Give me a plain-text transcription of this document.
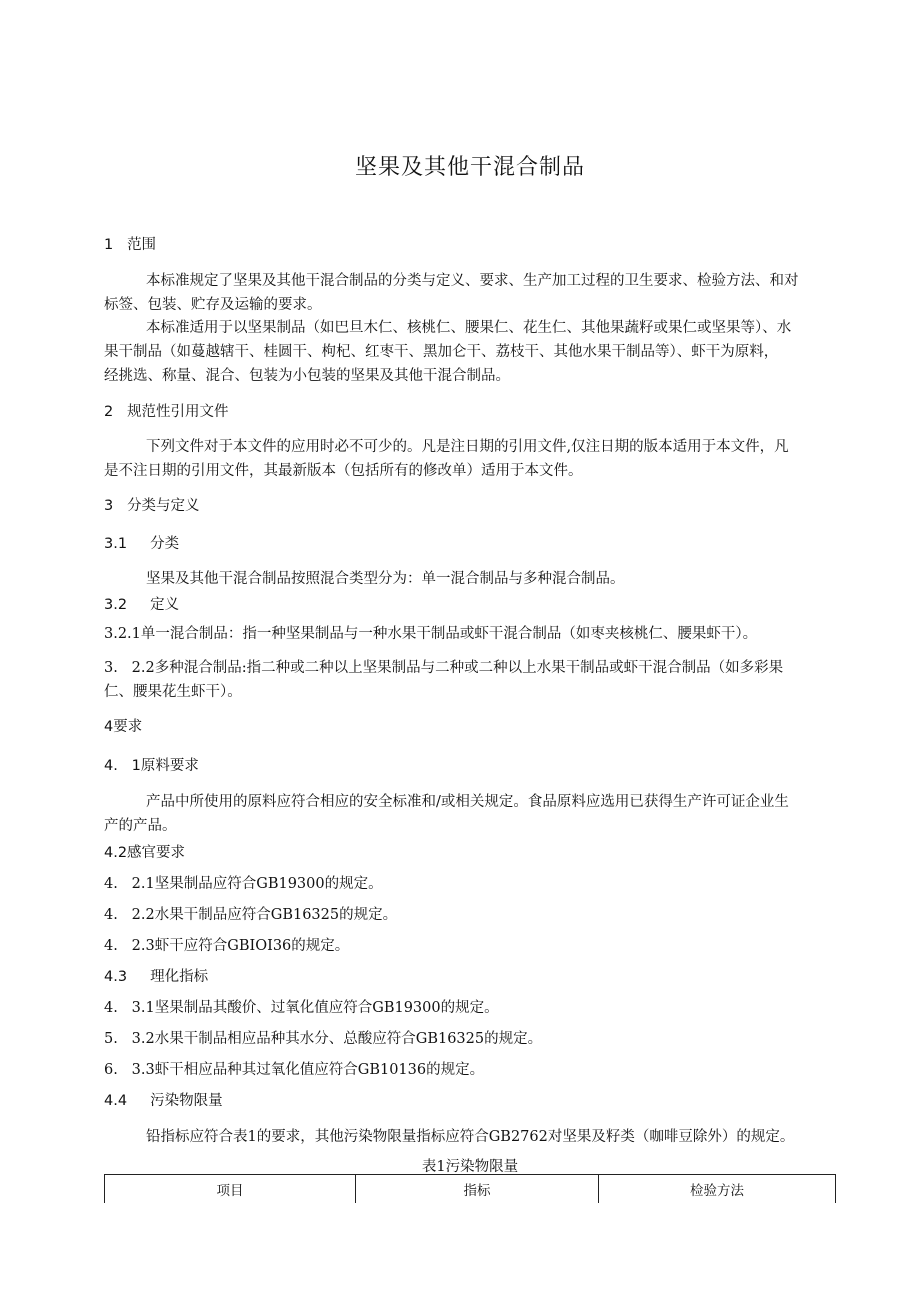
坚果及其他干混合制品
1 范围
本标准规定了坚果及其他干混合制品的分类与定义、要求、生产加工过程的卫生要求、检验方法、和对
标签、包装、贮存及运输的要求。
本标准适用于以坚果制品（如巴旦木仁、核桃仁、腰果仁、花生仁、其他果蔬籽或果仁或坚果等）、水
果干制品（如蔓越辖干、桂圆干、枸杞、红枣干、黑加仑干、荔枝干、其他水果干制品等）、虾干为原料，
经挑选、称量、混合、包装为小包装的坚果及其他干混合制品。
2 规范性引用文件
下列文件对于本文件的应用时必不可少的。凡是注日期的引用文件,仅注日期的版本适用于本文件，凡
是不注日期的引用文件，其最新版本（包括所有的修改单）适用于本文件。
3 分类与定义
3.1 分类
坚果及其他干混合制品按照混合类型分为：单一混合制品与多种混合制品。
3.2 定义
3.2.1单一混合制品：指一种坚果制品与一种水果干制品或虾干混合制品（如枣夹核桃仁、腰果虾干）。
3. 2.2多种混合制品:指二种或二种以上坚果制品与二种或二种以上水果干制品或虾干混合制品（如多彩果
仁、腰果花生虾干）。
4要求
4. 1原料要求
产品中所使用的原料应符合相应的安全标准和/或相关规定。食品原料应选用已获得生产许可证企业生
产的产品。
4.2感官要求
4. 2.1坚果制品应符合GB19300的规定。
4. 2.2水果干制品应符合GB16325的规定。
4. 2.3虾干应符合GBIOI36的规定。
4.3 理化指标
4. 3.1坚果制品其酸价、过氧化值应符合GB19300的规定。
5. 3.2水果干制品相应品种其水分、总酸应符合GB16325的规定。
6. 3.3虾干相应品种其过氧化值应符合GB10136的规定。
4.4 污染物限量
铅指标应符合表1的要求，其他污染物限量指标应符合GB2762对坚果及籽类（咖啡豆除外）的规定。
表1污染物限量
项目	指标	检验方法
